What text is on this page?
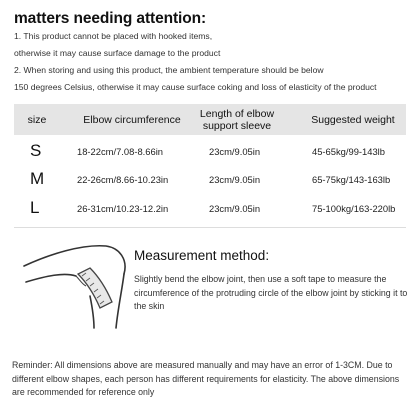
matters needing attention:
1. This product cannot be placed with hooked items,
otherwise it may cause surface damage to the product
2. When storing and using this product, the ambient temperature should be below
150 degrees Celsius, otherwise it may cause surface coking and loss of elasticity of the product
size	Elbow circumference	Length of elbow support sleeve	Suggested weight
S	18-22cm/7.08-8.66in	23cm/9.05in	45-65kg/99-143lb
M	22-26cm/8.66-10.23in	23cm/9.05in	65-75kg/143-163lb
L	26-31cm/10.23-12.2in	23cm/9.05in	75-100kg/163-220lb
Measurement method:
Slightly bend the elbow joint, then use a soft tape to measure the circumference of the protruding circle of the elbow joint by sticking it to the skin
Reminder: All dimensions above are measured manually and may have an error of 1-3CM. Due to different elbow shapes, each person has different requirements for elasticity. The above dimensions are recommended for reference only
